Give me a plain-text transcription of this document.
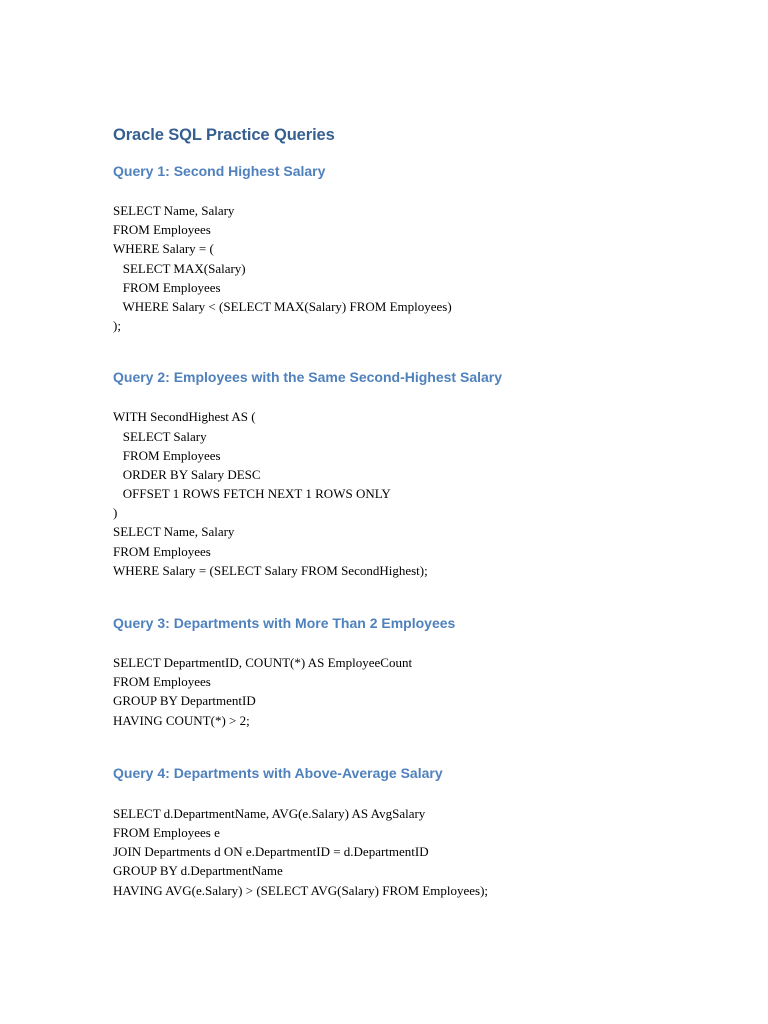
Oracle SQL Practice Queries
Query 1: Second Highest Salary
SELECT Name, Salary
FROM Employees
WHERE Salary = (
SELECT MAX(Salary)
FROM Employees
WHERE Salary < (SELECT MAX(Salary) FROM Employees)
);
Query 2: Employees with the Same Second-Highest Salary
WITH SecondHighest AS (
SELECT Salary
FROM Employees
ORDER BY Salary DESC
OFFSET 1 ROWS FETCH NEXT 1 ROWS ONLY
)
SELECT Name, Salary
FROM Employees
WHERE Salary = (SELECT Salary FROM SecondHighest);
Query 3: Departments with More Than 2 Employees
SELECT DepartmentID, COUNT(*) AS EmployeeCount
FROM Employees
GROUP BY DepartmentID
HAVING COUNT(*) > 2;
Query 4: Departments with Above-Average Salary
SELECT d.DepartmentName, AVG(e.Salary) AS AvgSalary
FROM Employees e
JOIN Departments d ON e.DepartmentID = d.DepartmentID
GROUP BY d.DepartmentName
HAVING AVG(e.Salary) > (SELECT AVG(Salary) FROM Employees);
